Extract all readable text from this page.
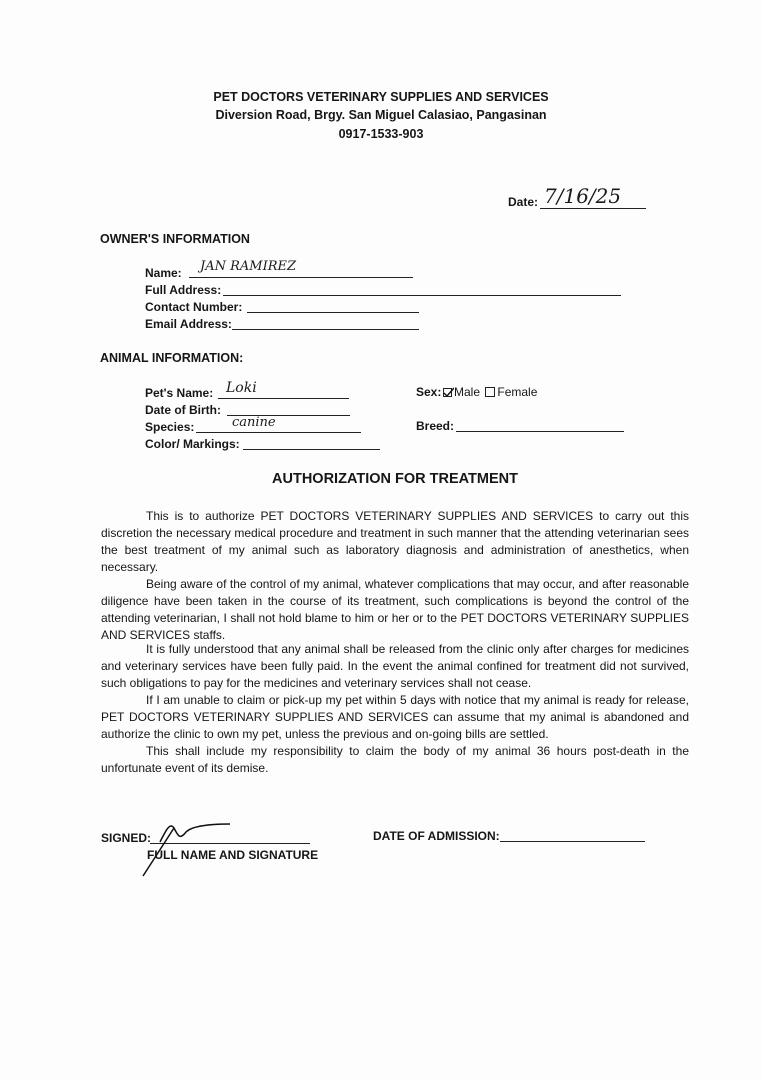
PET DOCTORS VETERINARY SUPPLIES AND SERVICES
Diversion Road, Brgy. San Miguel Calasiao, Pangasinan
0917-1533-903
Date: 7/16/25
OWNER'S INFORMATION
Name: JAN RAMIREZ
Full Address:
Contact Number:
Email Address:
ANIMAL INFORMATION:
Pet's Name: Loki
Date of Birth:
Species:	canine
Color/ Markings:
Sex:	Male Female
Breed:
AUTHORIZATION FOR TREATMENT

This is to authorize PET DOCTORS VETERINARY SUPPLIES AND SERVICES to carry out this discretion the necessary medical procedure and treatment in such manner that the attending veterinarian sees the best treatment of my animal such as laboratory diagnosis and administration of anesthetics, when necessary.

Being aware of the control of my animal, whatever complications that may occur, and after reasonable diligence have been taken in the course of its treatment, such complications is beyond the control of the attending veterinarian, I shall not hold blame to him or her or to the PET DOCTORS VETERINARY SUPPLIES AND SERVICES staffs.

It is fully understood that any animal shall be released from the clinic only after charges for medicines and veterinary services have been fully paid. In the event the animal confined for treatment did not survived, such obligations to pay for the medicines and veterinary services shall not cease.

If I am unable to claim or pick-up my pet within 5 days with notice that my animal is ready for release, PET DOCTORS VETERINARY SUPPLIES AND SERVICES can assume that my animal is abandoned and authorize the clinic to own my pet, unless the previous and on-going bills are settled.

This shall include my responsibility to claim the body of my animal 36 hours post-death in the unfortunate event of its demise.

SIGNED:
FULL NAME AND SIGNATURE
DATE OF ADMISSION:
